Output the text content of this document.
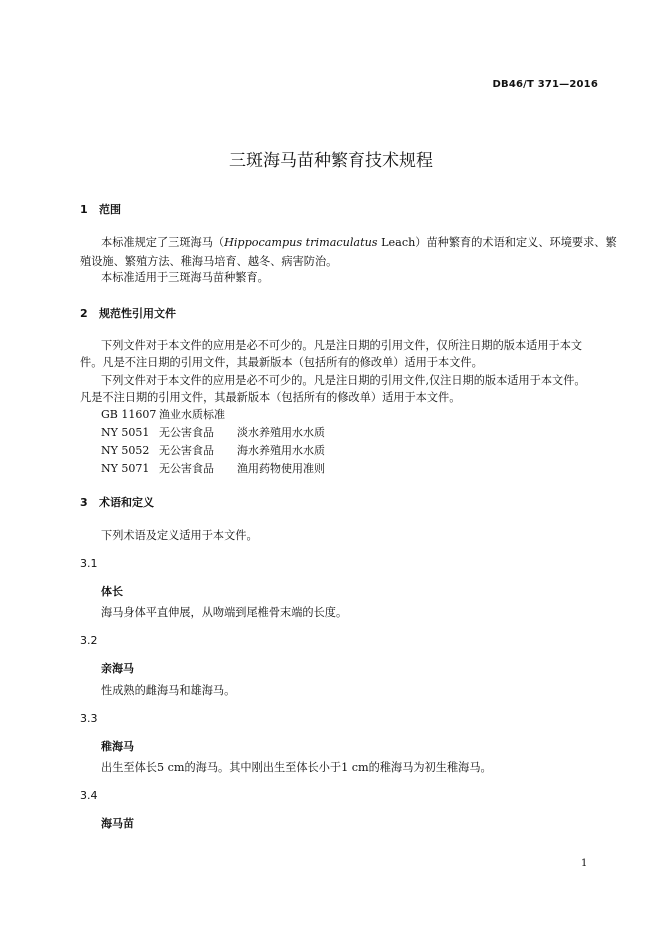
DB46/T 371—2016
三斑海马苗种繁育技术规程
1 范围
本标准规定了三斑海马（Hippocampus trimaculatus Leach）苗种繁育的术语和定义、环境要求、繁
殖设施、繁殖方法、稚海马培育、越冬、病害防治。
本标准适用于三斑海马苗种繁育。
2 规范性引用文件
下列文件对于本文件的应用是必不可少的。凡是注日期的引用文件，仅所注日期的版本适用于本文
件。凡是不注日期的引用文件，其最新版本（包括所有的修改单）适用于本文件。
下列文件对于本文件的应用是必不可少的。凡是注日期的引用文件,仅注日期的版本适用于本文件。
凡是不注日期的引用文件，其最新版本（包括所有的修改单）适用于本文件。
GB 11607 渔业水质标准
NY 5051 无公害食品 淡水养殖用水水质
NY 5052 无公害食品 海水养殖用水水质
NY 5071 无公害食品 渔用药物使用准则
3 术语和定义
下列术语及定义适用于本文件。
3.1
体长
海马身体平直伸展，从吻端到尾椎骨末端的长度。
3.2
亲海马
性成熟的雌海马和雄海马。
3.3
稚海马
出生至体长5 cm的海马。其中刚出生至体长小于1 cm的稚海马为初生稚海马。
3.4
海马苗
1
